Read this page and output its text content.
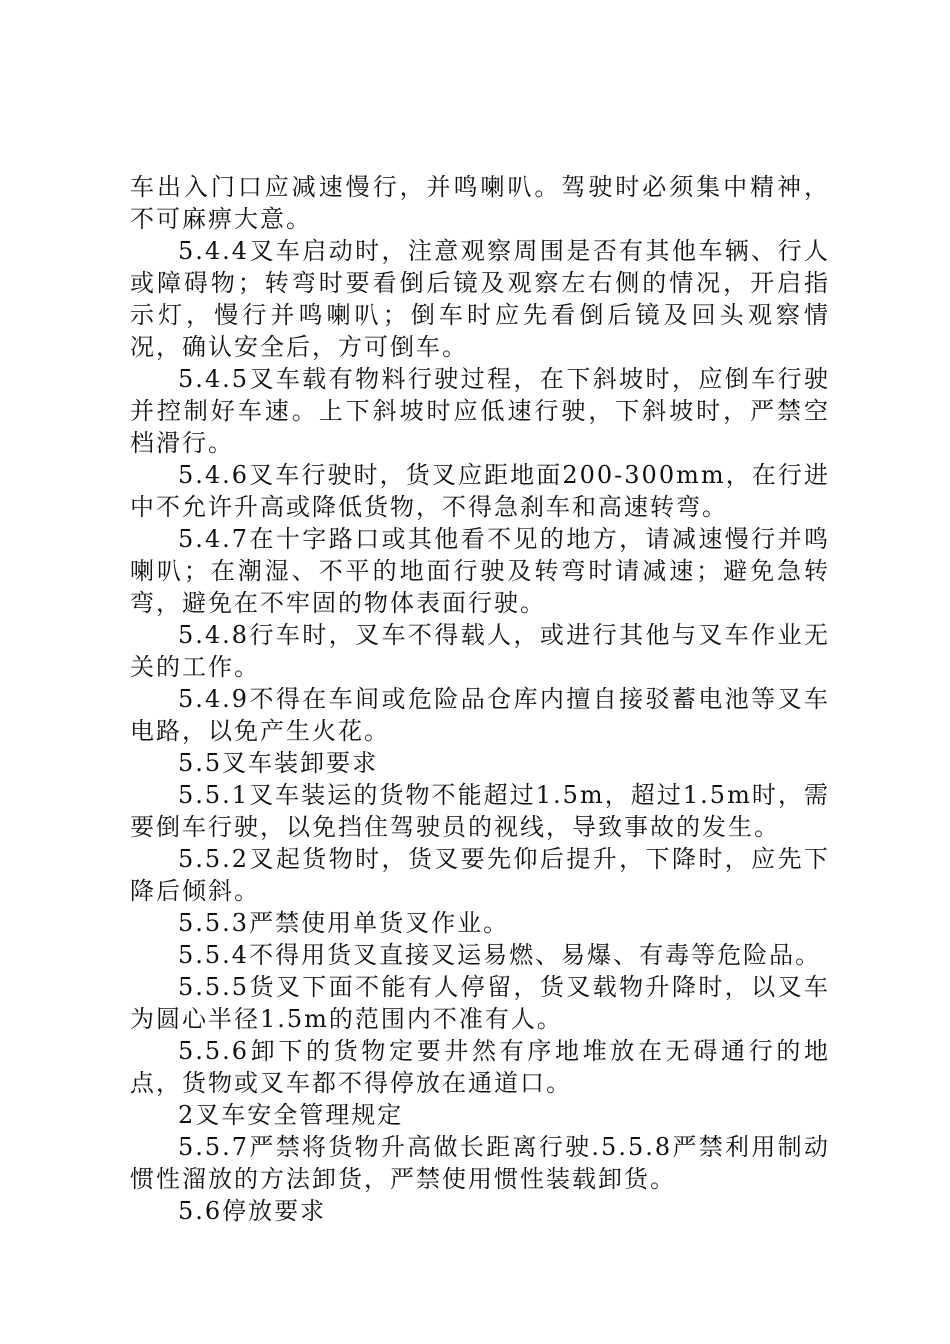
车出入门口应减速慢行，并鸣喇叭。驾驶时必须集中精神，不可麻痹大意。

5.4.4叉车启动时，注意观察周围是否有其他车辆、行人或障碍物；转弯时要看倒后镜及观察左右侧的情况，开启指示灯，慢行并鸣喇叭；倒车时应先看倒后镜及回头观察情况，确认安全后，方可倒车。

5.4.5叉车载有物料行驶过程，在下斜坡时，应倒车行驶并控制好车速。上下斜坡时应低速行驶，下斜坡时，严禁空档滑行。

5.4.6叉车行驶时，货叉应距地面200-300mm，在行进中不允许升高或降低货物，不得急刹车和高速转弯。

5.4.7在十字路口或其他看不见的地方，请减速慢行并鸣喇叭；在潮湿、不平的地面行驶及转弯时请减速；避免急转弯，避免在不牢固的物体表面行驶。

5.4.8行车时，叉车不得载人，或进行其他与叉车作业无关的工作。

5.4.9不得在车间或危险品仓库内擅自接驳蓄电池等叉车电路，以免产生火花。

5.5叉车装卸要求

5.5.1叉车装运的货物不能超过1.5m，超过1.5m时，需要倒车行驶，以免挡住驾驶员的视线，导致事故的发生。

5.5.2叉起货物时，货叉要先仰后提升，下降时，应先下降后倾斜。

5.5.3严禁使用单货叉作业。

5.5.4不得用货叉直接叉运易燃、易爆、有毒等危险品。

5.5.5货叉下面不能有人停留，货叉载物升降时，以叉车为圆心半径1.5m的范围内不准有人。

5.5.6卸下的货物定要井然有序地堆放在无碍通行的地点，货物或叉车都不得停放在通道口。

2叉车安全管理规定

5.5.7严禁将货物升高做长距离行驶.5.5.8严禁利用制动惯性溜放的方法卸货，严禁使用惯性装载卸货。

5.6停放要求
